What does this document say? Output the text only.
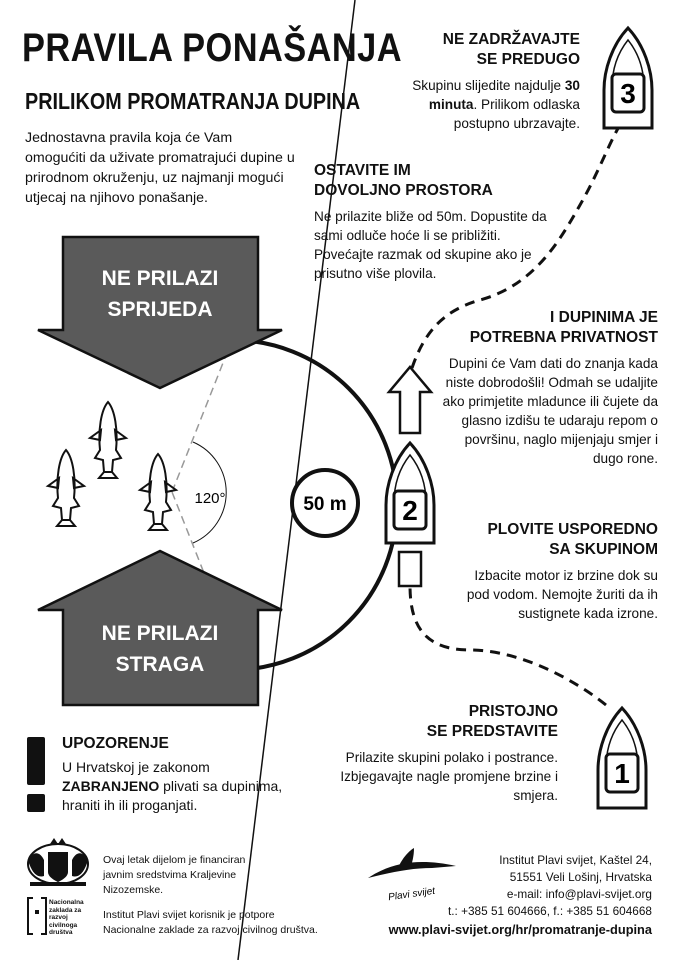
PRAVILA PONAŠANJA
PRILIKOM PROMATRANJA DUPINA
Jednostavna pravila koja će Vam omogućiti da uživate promatrajući dupine u prirodnom okruženju, uz najmanji mogući utjecaj na njihovo ponašanje.
NE PRILAZI
SPRIJEDA
NE PRILAZI
STRAGA
120°	50 m
3
2
1
Plavi svijet
NE ZADRŽAVAJTE
SE PREDUGO
Skupinu slijedite najdulje 30 minuta. Prilikom odlaska postupno ubrzavajte.
OSTAVITE IM
DOVOLJNO PROSTORA
Ne prilazite bliže od 50m. Dopustite da sami odluče hoće li se približiti. Povećajte razmak od skupine ako je prisutno više plovila.
I DUPINIMA JE
POTREBNA PRIVATNOST
Dupini će Vam dati do znanja kada niste dobrodošli! Odmah se udaljite ako primjetite mladunce ili čujete da glasno izdišu te udaraju repom o površinu, naglo mijenjaju smjer i dugo rone.
PLOVITE USPOREDNO
SA SKUPINOM
Izbacite motor iz brzine dok su pod vodom. Nemojte žuriti da ih sustignete kada izrone.
PRISTOJNO
SE PREDSTAVITE
Prilazite skupini polako i postrance. Izbjegavajte nagle promjene brzine i smjera.
UPOZORENJE
U Hrvatskoj je zakonom ZABRANJENO plivati sa dupinima, hraniti ih ili proganjati.
Ovaj letak dijelom je financiran javnim sredstvima Kraljevine Nizozemske.
Nacionalna
zaklada za
razvoj
civilnoga
društva
Institut Plavi svijet korisnik je potpore Nacionalne zaklade za razvoj civilnog društva.
Institut Plavi svijet, Kaštel 24,
51551 Veli Lošinj, Hrvatska
e-mail: info@plavi-svijet.org
t.: +385 51 604666, f.: +385 51 604668
www.plavi-svijet.org/hr/promatranje-dupina
